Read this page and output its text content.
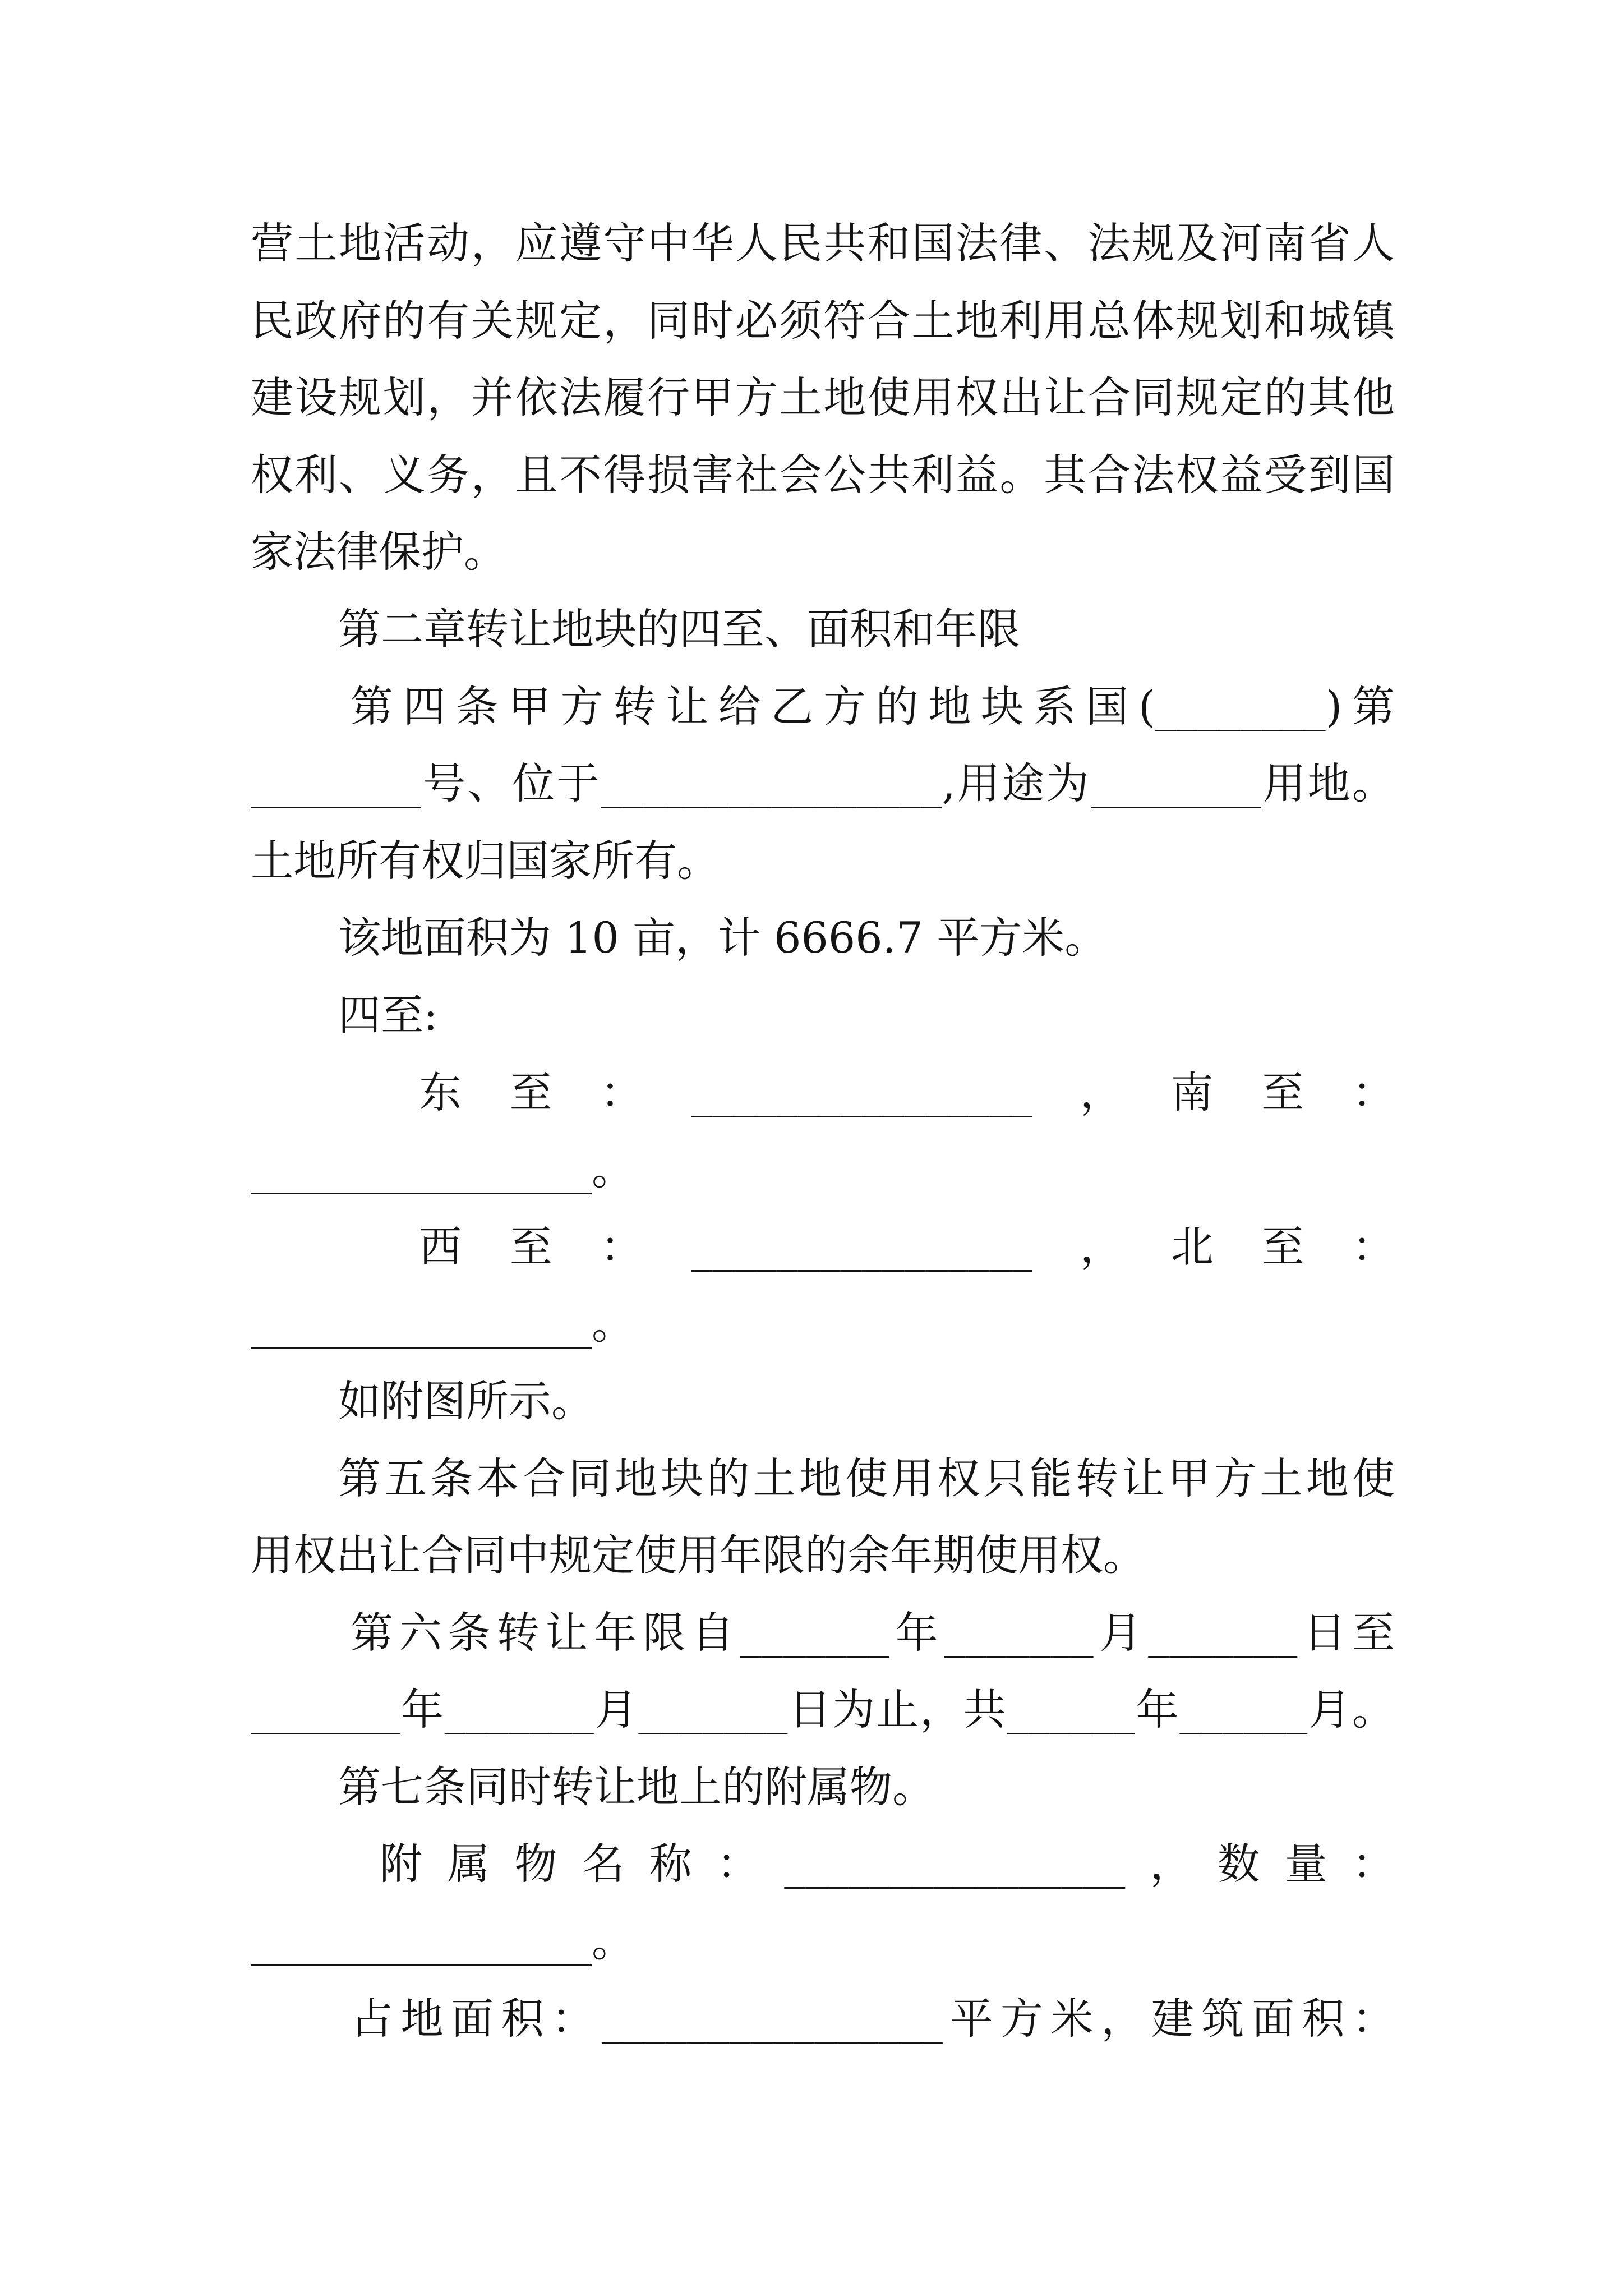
营土地活动，应遵守中华人民共和国法律、法规及河南省人
民政府的有关规定，同时必须符合土地利用总体规划和城镇
建设规划，并依法履行甲方土地使用权出让合同规定的其他
权利、义务，且不得损害社会公共利益。其合法权益受到国
家法律保护。
第二章转让地块的四至、面积和年限
第四条甲方转让给乙方的地块系国(________)第
________号、位于________________,用途为________用地。
土地所有权归国家所有。
该地面积为 10 亩，计 6666.7 平方米。
四至:
东至：________________，南至：
________________。
西至：________________，北至：
________________。
如附图所示。
第五条本合同地块的土地使用权只能转让甲方土地使
用权出让合同中规定使用年限的余年期使用权。
第六条转让年限自_______年_______月_______日至
_______年_______月_______日为止，共______年______月。
第七条同时转让地上的附属物。
附属物名称：________________，数量：
________________。
占地面积：________________平方米，建筑面积：
